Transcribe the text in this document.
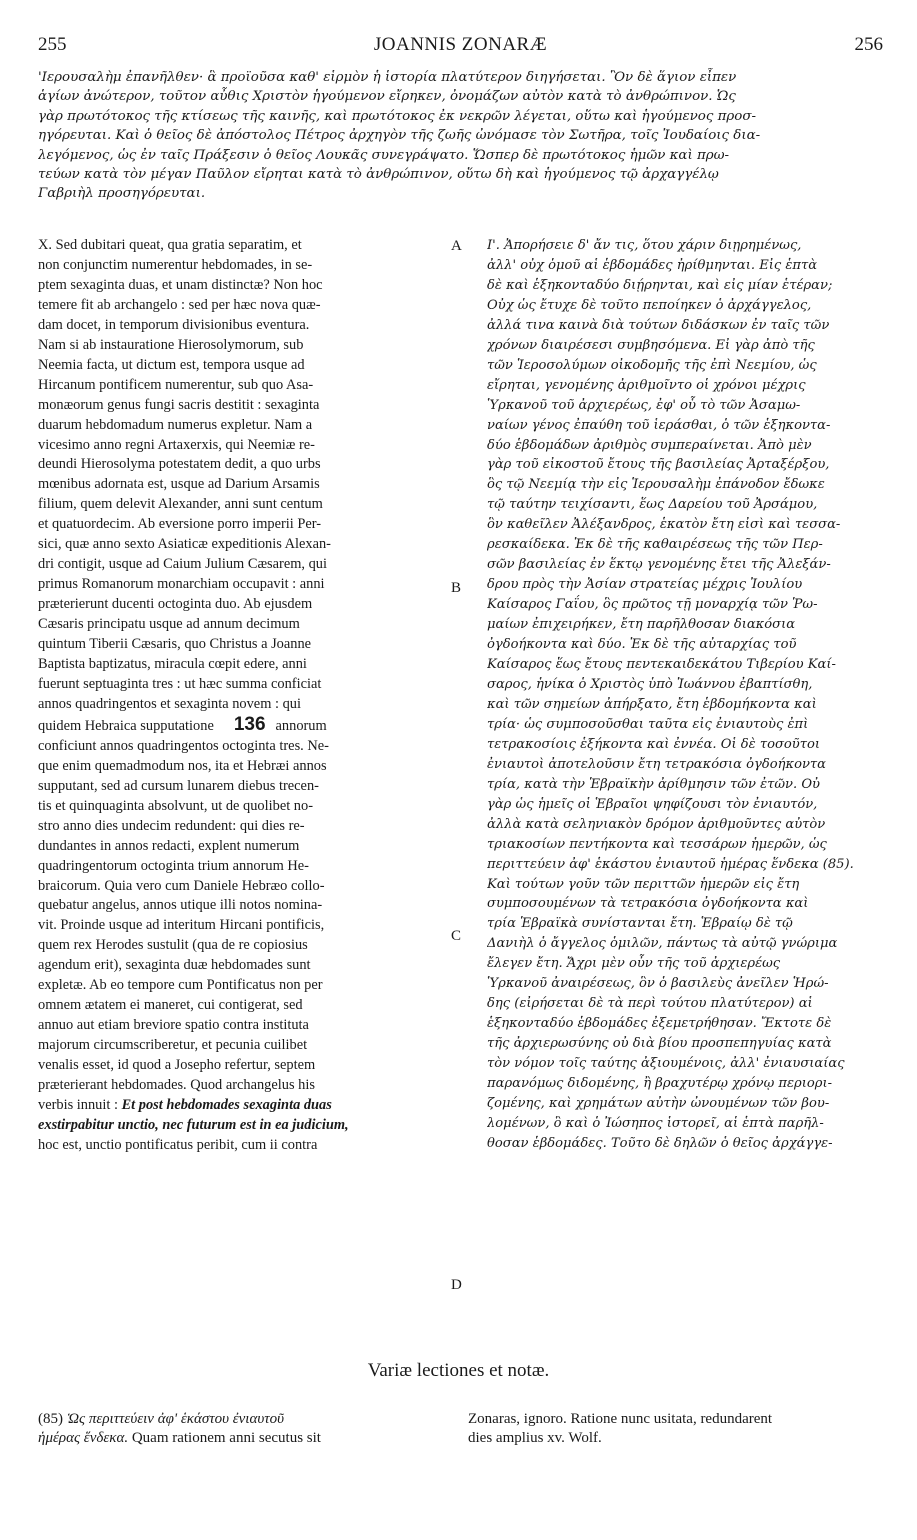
255	JOANNIS ZONARÆ	256
'Ιερουσαλὴμ ἐπανῆλθεν· ἃ προϊοῦσα καθ' εἱρμὸν ἡ ἱστορία πλατύτερον διηγήσεται. Ὃν δὲ ἅγιον εἶπεν
ἁγίων ἀνώτερον, τοῦτον αὖθις Χριστὸν ἡγούμενον εἴρηκεν, ὀνομάζων αὐτὸν κατὰ τὸ ἀνθρώπινον. Ὡς
γὰρ πρωτότοκος τῆς κτίσεως τῆς καινῆς, καὶ πρωτότοκος ἐκ νεκρῶν λέγεται, οὕτω καὶ ἡγούμενος προσ-
ηγόρευται. Καὶ ὁ θεῖος δὲ ἀπόστολος Πέτρος ἀρχηγὸν τῆς ζωῆς ὠνόμασε τὸν Σωτῆρα, τοῖς Ἰουδαίοις δια-
λεγόμενος, ὡς ἐν ταῖς Πράξεσιν ὁ θεῖος Λουκᾶς συνεγράψατο. Ὥσπερ δὲ πρωτότοκος ἡμῶν καὶ πρω-
τεύων κατὰ τὸν μέγαν Παῦλον εἴρηται κατὰ τὸ ἀνθρώπινον, οὕτω δὴ καὶ ἡγούμενος τῷ ἀρχαγγέλῳ
Γαβριὴλ προσηγόρευται.
X. Sed dubitari queat, qua gratia separatim, et
non conjunctim numerentur hebdomades, in se-
ptem sexaginta duas, et unam distinctæ? Non hoc
temere fit ab archangelo : sed per hæc nova quæ-
dam docet, in temporum divisionibus eventura.
Nam si ab instauratione Hierosolymorum, sub
Neemia facta, ut dictum est, tempora usque ad
Hircanum pontificem numerentur, sub quo Asa-
monæorum genus fungi sacris destitit : sexaginta
duarum hebdomadum numerus expletur. Nam a
vicesimo anno regni Artaxerxis, qui Neemiæ re-
deundi Hierosolyma potestatem dedit, a quo urbs
mœnibus adornata est, usque ad Darium Arsamis
filium, quem delevit Alexander, anni sunt centum
et quatuordecim. Ab eversione porro imperii Per-
sici, quæ anno sexto Asiaticæ expeditionis Alexan-
dri contigit, usque ad Caium Julium Cæsarem, qui
primus Romanorum monarchiam occupavit : anni
præterierunt ducenti octoginta duo. Ab ejusdem
Cæsaris principatu usque ad annum decimum
quintum Tiberii Cæsaris, quo Christus a Joanne
Baptista baptizatus, miracula cœpit edere, anni
fuerunt septuaginta tres : ut hæc summa conficiat
annos quadringentos et sexaginta novem : qui
quidem Hebraica supputatione 136 annorum
conficiunt annos quadringentos octoginta tres. Ne-
que enim quemadmodum nos, ita et Hebræi annos
supputant, sed ad cursum lunarem diebus trecen-
tis et quinquaginta absolvunt, ut de quolibet no-
stro anno dies undecim redundent: qui dies re-
dundantes in annos redacti, explent numerum
quadringentorum octoginta trium annorum He-
braicorum. Quia vero cum Daniele Hebræo collo-
quebatur angelus, annos utique illi notos nomina-
vit. Proinde usque ad interitum Hircani pontificis,
quem rex Herodes sustulit (qua de re copiosius
agendum erit), sexaginta duæ hebdomades sunt
expletæ. Ab eo tempore cum Pontificatus non per
omnem ætatem ei maneret, cui contigerat, sed
annuo aut etiam breviore spatio contra instituta
majorum circumscriberetur, et pecunia cuilibet
venalis esset, id quod a Josepho refertur, septem
præterierant hebdomades. Quod archangelus his
verbis innuit : Et post hebdomades sexaginta duas
exstirpabitur unctio, nec futurum est in ea judicium,
hoc est, unctio pontificatus peribit, cum ii contra
Ι'. Ἀπορήσειε δ' ἄν τις, ὅτου χάριν διῃρημένως,
ἀλλ' οὐχ ὁμοῦ αἱ ἑβδομάδες ἠρίθμηνται. Εἰς ἑπτὰ
δὲ καὶ ἑξηκονταδύο διῄρηνται, καὶ εἰς μίαν ἑτέραν;
Οὐχ ὡς ἔτυχε δὲ τοῦτο πεποίηκεν ὁ ἀρχάγγελος,
ἀλλά τινα καινὰ διὰ τούτων διδάσκων ἐν ταῖς τῶν
χρόνων διαιρέσεσι συμβησόμενα. Εἰ γὰρ ἀπὸ τῆς
τῶν Ἱεροσολύμων οἰκοδομῆς τῆς ἐπὶ Νεεμίου, ὡς
εἴρηται, γενομένης ἀριθμοῖντο οἱ χρόνοι μέχρις
Ὑρκανοῦ τοῦ ἀρχιερέως, ἐφ' οὗ τὸ τῶν Ἀσαμω-
ναίων γένος ἐπαύθη τοῦ ἱεράσθαι, ὁ τῶν ἑξηκοντα-
δύο ἑβδομάδων ἀριθμὸς συμπεραίνεται. Ἀπὸ μὲν
γὰρ τοῦ εἰκοστοῦ ἔτους τῆς βασιλείας Ἀρταξέρξου,
ὃς τῷ Νεεμίᾳ τὴν εἰς Ἱερουσαλὴμ ἐπάνοδον ἔδωκε
τῷ ταύτην τειχίσαντι, ἕως Δαρείου τοῦ Ἀρσάμου,
ὃν καθεῖλεν Ἀλέξανδρος, ἑκατὸν ἔτη εἰσὶ καὶ τεσσα-
ρεσκαίδεκα. Ἐκ δὲ τῆς καθαιρέσεως τῆς τῶν Περ-
σῶν βασιλείας ἐν ἕκτῳ γενομένης ἔτει τῆς Ἀλεξάν-
δρου πρὸς τὴν Ἀσίαν στρατείας μέχρις Ἰουλίου
Καίσαρος Γαΐου, ὃς πρῶτος τῇ μοναρχίᾳ τῶν Ῥω-
μαίων ἐπιχειρήκεν, ἔτη παρῆλθοσαν διακόσια
ὀγδοήκοντα καὶ δύο. Ἐκ δὲ τῆς αὐταρχίας τοῦ
Καίσαρος ἕως ἔτους πεντεκαιδεκάτου Τιβερίου Καί-
σαρος, ἡνίκα ὁ Χριστὸς ὑπὸ Ἰωάννου ἐβαπτίσθη,
καὶ τῶν σημείων ἀπήρξατο, ἔτη ἑβδομήκοντα καὶ
τρία· ὡς συμποσοῦσθαι ταῦτα εἰς ἐνιαυτοὺς ἐπὶ
τετρακοσίοις ἑξήκοντα καὶ ἐννέα. Οἱ δὲ τοσοῦτοι
ἐνιαυτοὶ ἀποτελοῦσιν ἔτη τετρακόσια ὀγδοήκοντα
τρία, κατὰ τὴν Ἑβραϊκὴν ἀρίθμησιν τῶν ἐτῶν. Οὐ
γὰρ ὡς ἡμεῖς οἱ Ἑβραῖοι ψηφίζουσι τὸν ἐνιαυτόν,
ἀλλὰ κατὰ σεληνιακὸν δρόμον ἀριθμοῦντες αὐτὸν
τριακοσίων πεντήκοντα καὶ τεσσάρων ἡμερῶν, ὡς
περιττεύειν ἀφ' ἑκάστου ἐνιαυτοῦ ἡμέρας ἕνδεκα (85).
Καὶ τούτων γοῦν τῶν περιττῶν ἡμερῶν εἰς ἔτη
συμποσουμένων τὰ τετρακόσια ὀγδοήκοντα καὶ
τρία Ἑβραϊκὰ συνίστανται ἔτη. Ἑβραίῳ δὲ τῷ
Δανιὴλ ὁ ἄγγελος ὁμιλῶν, πάντως τὰ αὐτῷ γνώριμα
ἔλεγεν ἔτη. Ἄχρι μὲν οὖν τῆς τοῦ ἀρχιερέως
Ὑρκανοῦ ἀναιρέσεως, ὃν ὁ βασιλεὺς ἀνεῖλεν Ἡρώ-
δης (εἰρήσεται δὲ τὰ περὶ τούτου πλατύτερον) αἱ
ἑξηκονταδύο ἑβδομάδες ἐξεμετρήθησαν. Ἔκτοτε δὲ
τῆς ἀρχιερωσύνης οὐ διὰ βίου προσπεπηγυίας κατὰ
τὸν νόμον τοῖς ταύτης ἀξιουμένοις, ἀλλ' ἐνιαυσιαίας
παρανόμως διδομένης, ἢ βραχυτέρῳ χρόνῳ περιορι-
ζομένης, καὶ χρημάτων αὐτὴν ὠνουμένων τῶν βου-
λομένων, ὃ καὶ ὁ Ἰώσηπος ἱστορεῖ, αἱ ἑπτὰ παρῆλ-
θοσαν ἑβδομάδες. Τοῦτο δὲ δηλῶν ὁ θεῖος ἀρχάγγε-
A
B
C
D
Variæ lectiones et notæ.
(85) Ὡς περιττεύειν ἀφ' ἑκάστου ἐνιαυτοῦ
ἡμέρας ἕνδεκα. Quam rationem anni secutus sit
Zonaras, ignoro. Ratione nunc usitata, redundarent
dies amplius xv. Wolf.
